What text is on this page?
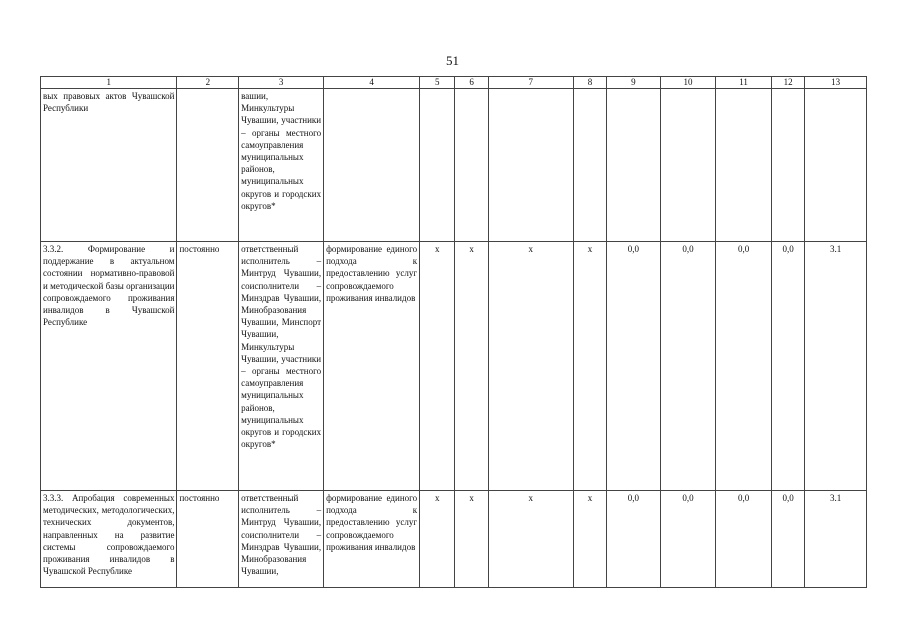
51
1	2	3	4	5	6	7	8	9	10	11	12	13
вых правовых актов Чувашской Республики		вашии, Минкультуры Чувашии, участники – органы местного самоуправления муниципальных районов, муниципальных округов и городских округов*										
3.3.2. Формирование и поддержание в актуальном состоянии нормативно-правовой и методической базы организации сопровождаемого проживания инвалидов в Чувашской Республике	постоянно	ответственный исполнитель – Минтруд Чувашии, соисполнители – Минздрав Чувашии, Минобразования Чувашии, Минспорт Чувашии, Минкультуры Чувашии, участники – органы местного самоуправления муниципальных районов, муниципальных округов и городских округов*	формирование единого подхода к предоставлению услуг сопровождаемого проживания инвалидов	х	х	х	х	0,0	0,0	0,0	0,0	3.1
3.3.3. Апробация современных методических, методологических, технических документов, направленных на развитие системы сопровождаемого проживания инвалидов в Чувашской Республике	постоянно	ответственный исполнитель – Минтруд Чувашии, соисполнители – Минздрав Чувашии, Минобразования Чувашии,	формирование единого подхода к предоставлению услуг сопровождаемого проживания инвалидов	х	х	х	х	0,0	0,0	0,0	0,0	3.1
